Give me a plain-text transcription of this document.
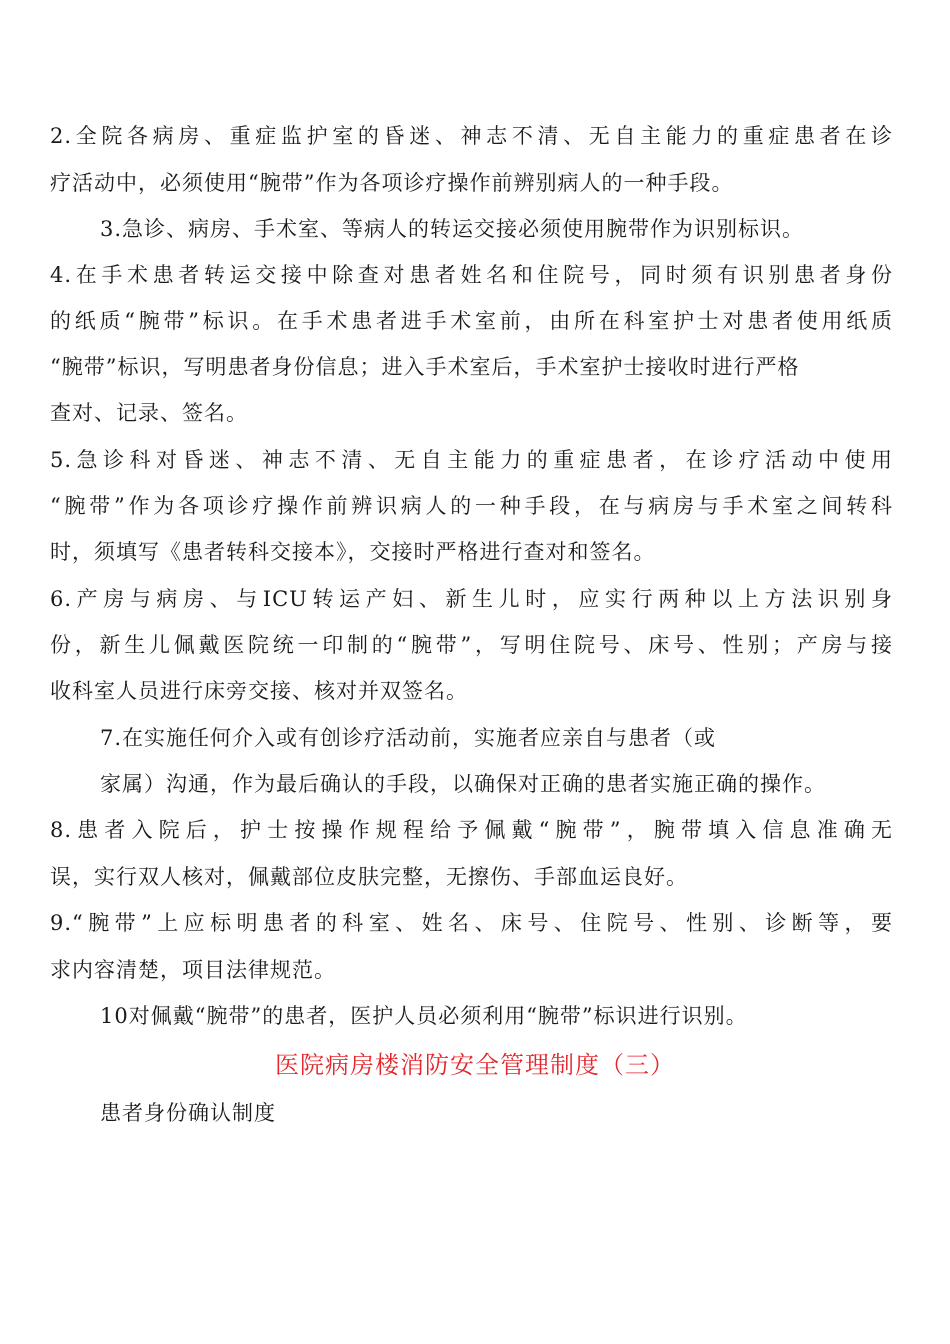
2.全院各病房、重症监护室的昏迷、神志不清、无自主能力的重症患者在诊
疗活动中，必须使用“腕带”作为各项诊疗操作前辨别病人的一种手段。
3.急诊、病房、手术室、等病人的转运交接必须使用腕带作为识别标识。
4.在手术患者转运交接中除查对患者姓名和住院号，同时须有识别患者身份
的纸质“腕带”标识。在手术患者进手术室前，由所在科室护士对患者使用纸质
“腕带”标识，写明患者身份信息；进入手术室后，手术室护士接收时进行严格
查对、记录、签名。
5.急诊科对昏迷、神志不清、无自主能力的重症患者，在诊疗活动中使用
“腕带”作为各项诊疗操作前辨识病人的一种手段，在与病房与手术室之间转科
时，须填写《患者转科交接本》，交接时严格进行查对和签名。
6.产房与病房、与ICU转运产妇、新生儿时，应实行两种以上方法识别身
份，新生儿佩戴医院统一印制的“腕带”，写明住院号、床号、性别；产房与接
收科室人员进行床旁交接、核对并双签名。
7.在实施任何介入或有创诊疗活动前，实施者应亲自与患者（或
家属）沟通，作为最后确认的手段，以确保对正确的患者实施正确的操作。
8.患者入院后，护士按操作规程给予佩戴“腕带”，腕带填入信息准确无
误，实行双人核对，佩戴部位皮肤完整，无擦伤、手部血运良好。
9.“腕带”上应标明患者的科室、姓名、床号、住院号、性别、诊断等，要
求内容清楚，项目法律规范。
10对佩戴“腕带”的患者，医护人员必须利用“腕带”标识进行识别。
医院病房楼消防安全管理制度（三）
患者身份确认制度
